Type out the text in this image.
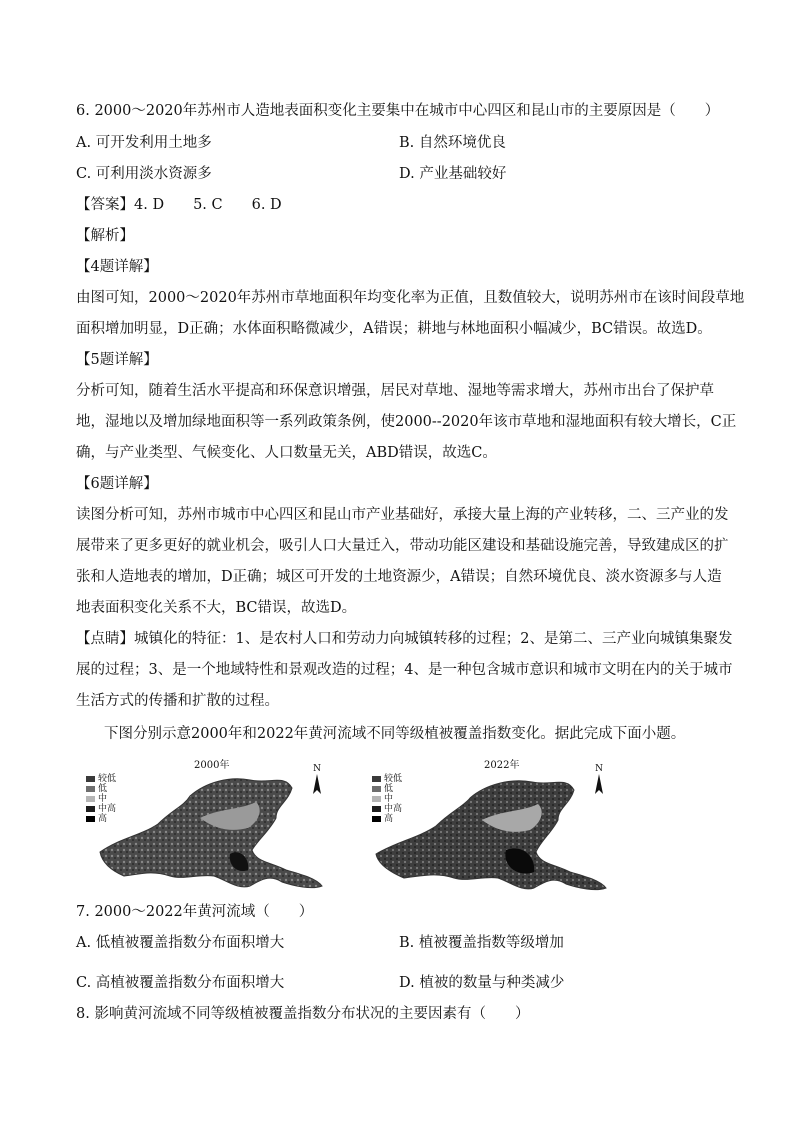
6. 2000～2020年苏州市人造地表面积变化主要集中在城市中心四区和昆山市的主要原因是（　　）
A. 可开发利用土地多	B. 自然环境优良
C. 可利用淡水资源多	D. 产业基础较好
【答案】4. D　　5. C　　6. D
【解析】
【4题详解】
由图可知，2000～2020年苏州市草地面积年均变化率为正值，且数值较大，说明苏州市在该时间段草地
面积增加明显，D正确；水体面积略微减少，A错误；耕地与林地面积小幅减少，BC错误。故选D。
【5题详解】
分析可知，随着生活水平提高和环保意识增强，居民对草地、湿地等需求增大，苏州市出台了保护草
地，湿地以及增加绿地面积等一系列政策条例，使2000--2020年该市草地和湿地面积有较大增长，C正
确，与产业类型、气候变化、人口数量无关，ABD错误，故选C。
【6题详解】
读图分析可知，苏州市城市中心四区和昆山市产业基础好，承接大量上海的产业转移，二、三产业的发
展带来了更多更好的就业机会，吸引人口大量迁入，带动功能区建设和基础设施完善，导致建成区的扩
张和人造地表的增加，D正确；城区可开发的土地资源少，A错误；自然环境优良、淡水资源多与人造
地表面积变化关系不大，BC错误，故选D。
【点睛】城镇化的特征：1、是农村人口和劳动力向城镇转移的过程；2、是第二、三产业向城镇集聚发
展的过程；3、是一个地域特性和景观改造的过程；4、是一种包含城市意识和城市文明在内的关于城市
生活方式的传播和扩散的过程。
下图分别示意2000年和2022年黄河流域不同等级植被覆盖指数变化。据此完成下面小题。
2000年
较低
低
中
中高
高
N	2022年
较低
低
中
中高
高
N
7. 2000～2022年黄河流域（　　）
A. 低植被覆盖指数分布面积增大	B. 植被覆盖指数等级增加
C. 高植被覆盖指数分布面积增大	D. 植被的数量与种类减少
8. 影响黄河流域不同等级植被覆盖指数分布状况的主要因素有（　　）
